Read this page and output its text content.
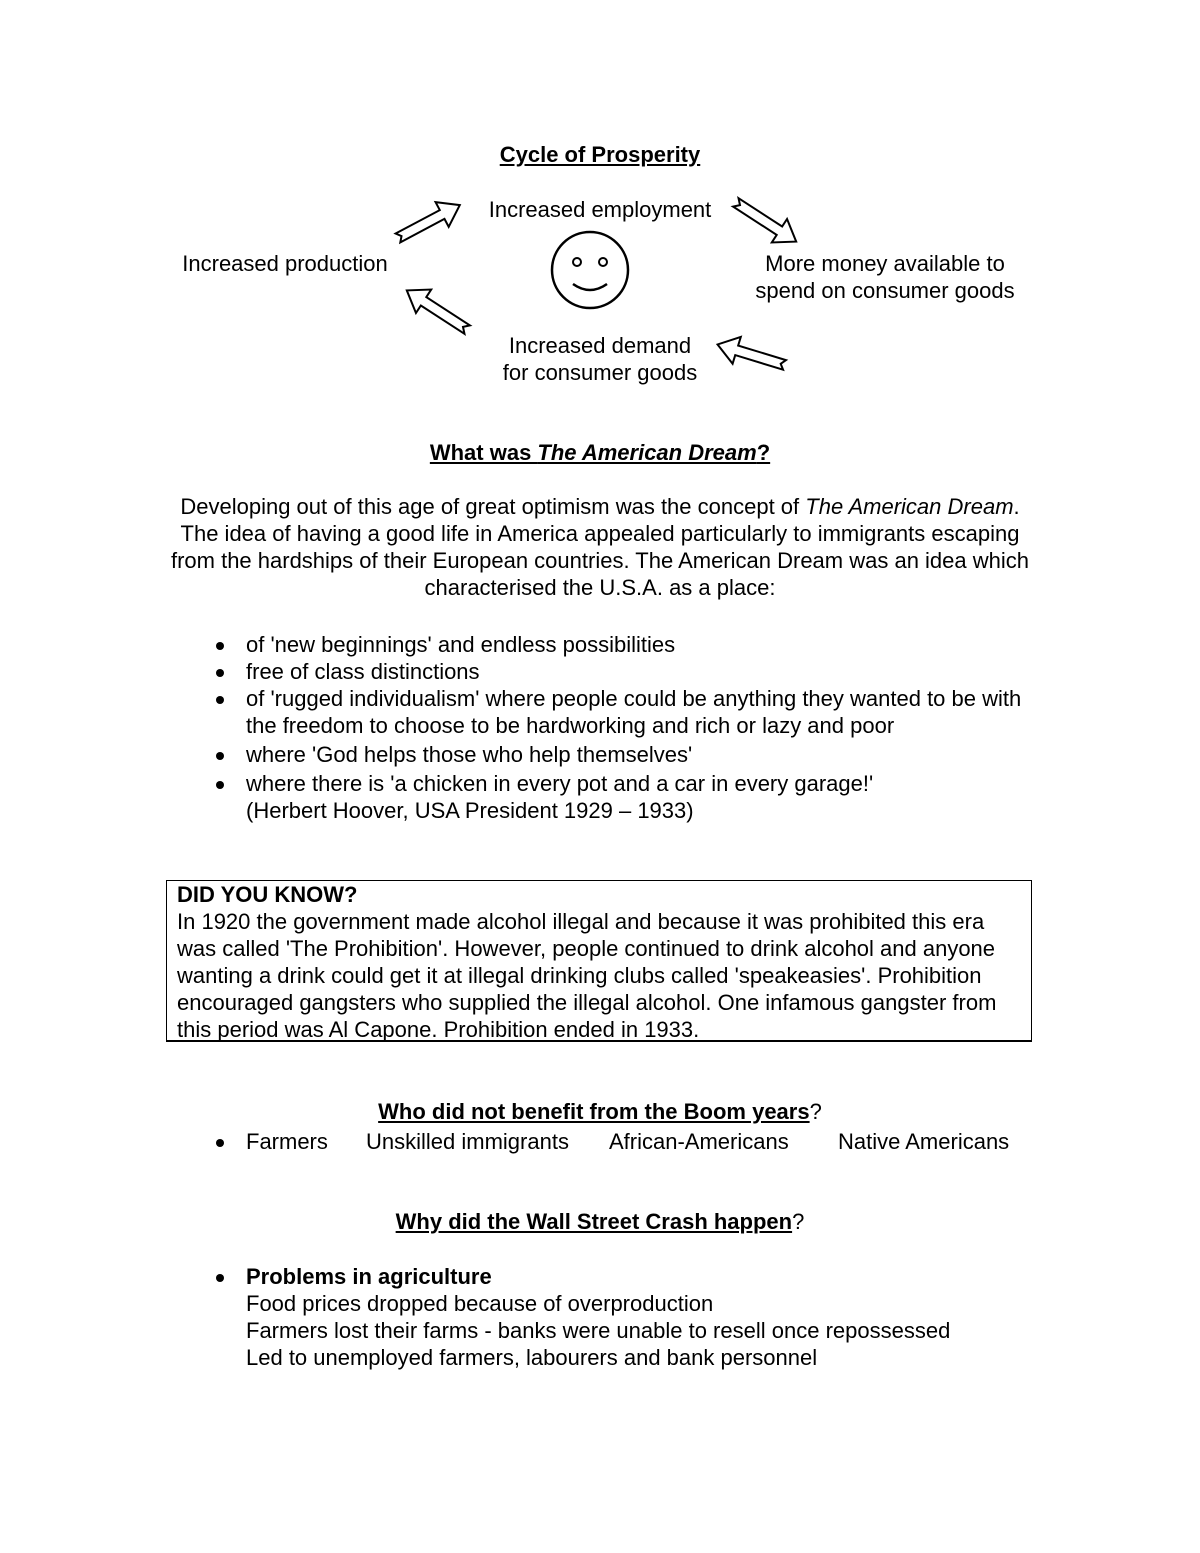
Cycle of Prosperity
Increased employment
Increased production	More money available to
spend on consumer goods
Increased demand
for consumer goods
What was The American Dream?
Developing out of this age of great optimism was the concept of The American Dream. The idea of having a good life in America appealed particularly to immigrants escaping from the hardships of their European countries. The American Dream was an idea which characterised the U.S.A. as a place:
of 'new beginnings' and endless possibilities
free of class distinctions
of 'rugged individualism' where people could be anything they wanted to be with the freedom to choose to be hardworking and rich or lazy and poor
where 'God helps those who help themselves'
where there is 'a chicken in every pot and a car in every garage!'
(Herbert Hoover, USA President 1929 – 1933)
DID YOU KNOW?
In 1920 the government made alcohol illegal and because it was prohibited this era was called 'The Prohibition'. However, people continued to drink alcohol and anyone wanting a drink could get it at illegal drinking clubs called 'speakeasies'. Prohibition encouraged gangsters who supplied the illegal alcohol. One infamous gangster from this period was Al Capone. Prohibition ended in 1933.
Who did not benefit from the Boom years?
Farmers Unskilled immigrants African-Americans Native Americans
Why did the Wall Street Crash happen?
Problems in agriculture
Food prices dropped because of overproduction
Farmers lost their farms - banks were unable to resell once repossessed
Led to unemployed farmers, labourers and bank personnel
